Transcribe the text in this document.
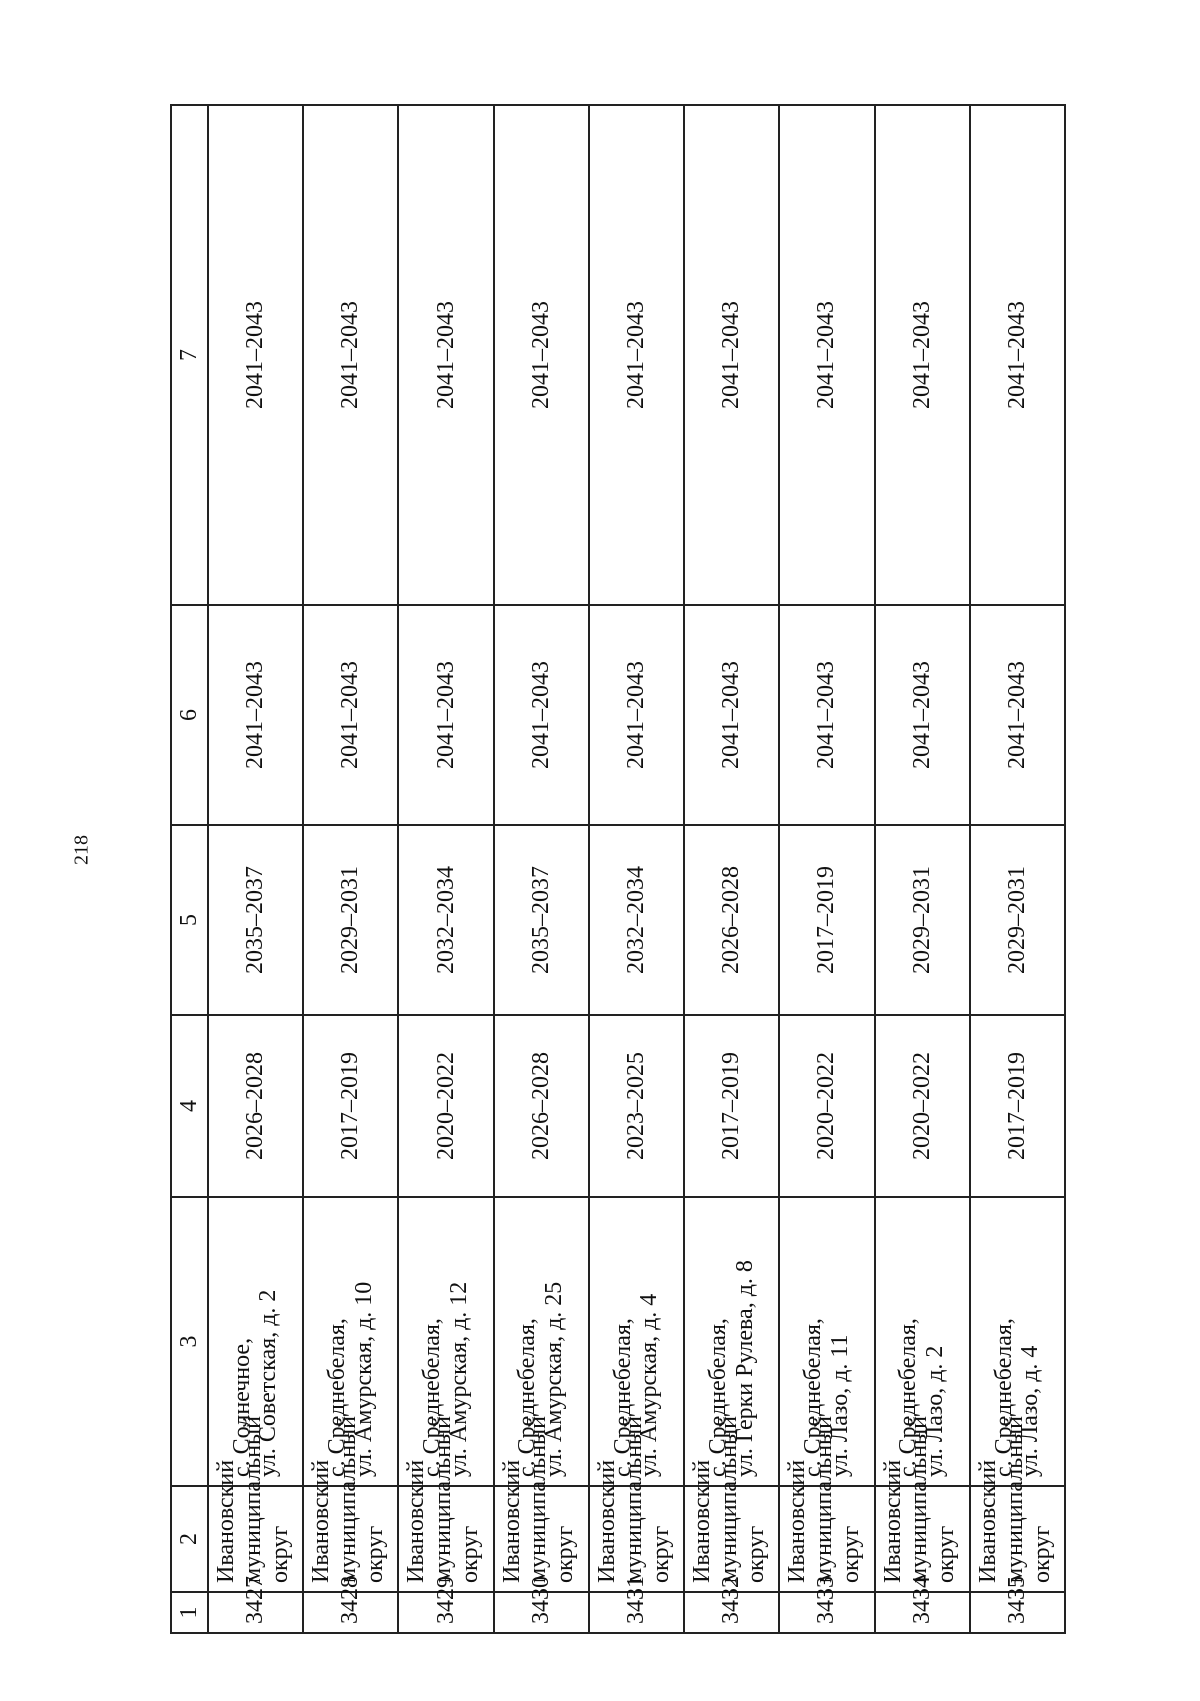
218
1	2	3	4	5	6	7
3427	Ивановский муниципальный округ	с. Солнечное, ул. Советская, д. 2	2026–2028	2035–2037	2041–2043	2041–2043
3428	Ивановский муниципальный округ	с. Среднебелая, ул. Амурская, д. 10	2017–2019	2029–2031	2041–2043	2041–2043
3429	Ивановский муниципальный округ	с. Среднебелая, ул. Амурская, д. 12	2020–2022	2032–2034	2041–2043	2041–2043
3430	Ивановский муниципальный округ	с. Среднебелая, ул. Амурская, д. 25	2026–2028	2035–2037	2041–2043	2041–2043
3431	Ивановский муниципальный округ	с. Среднебелая, ул. Амурская, д. 4	2023–2025	2032–2034	2041–2043	2041–2043
3432	Ивановский муниципальный округ	с. Среднебелая, ул. Герки Рулева, д. 8	2017–2019	2026–2028	2041–2043	2041–2043
3433	Ивановский муниципальный округ	с. Среднебелая, ул. Лазо, д. 11	2020–2022	2017–2019	2041–2043	2041–2043
3434	Ивановский муниципальный округ	с. Среднебелая, ул. Лазо, д. 2	2020–2022	2029–2031	2041–2043	2041–2043
3435	Ивановский муниципальный округ	с. Среднебелая, ул. Лазо, д. 4	2017–2019	2029–2031	2041–2043	2041–2043
